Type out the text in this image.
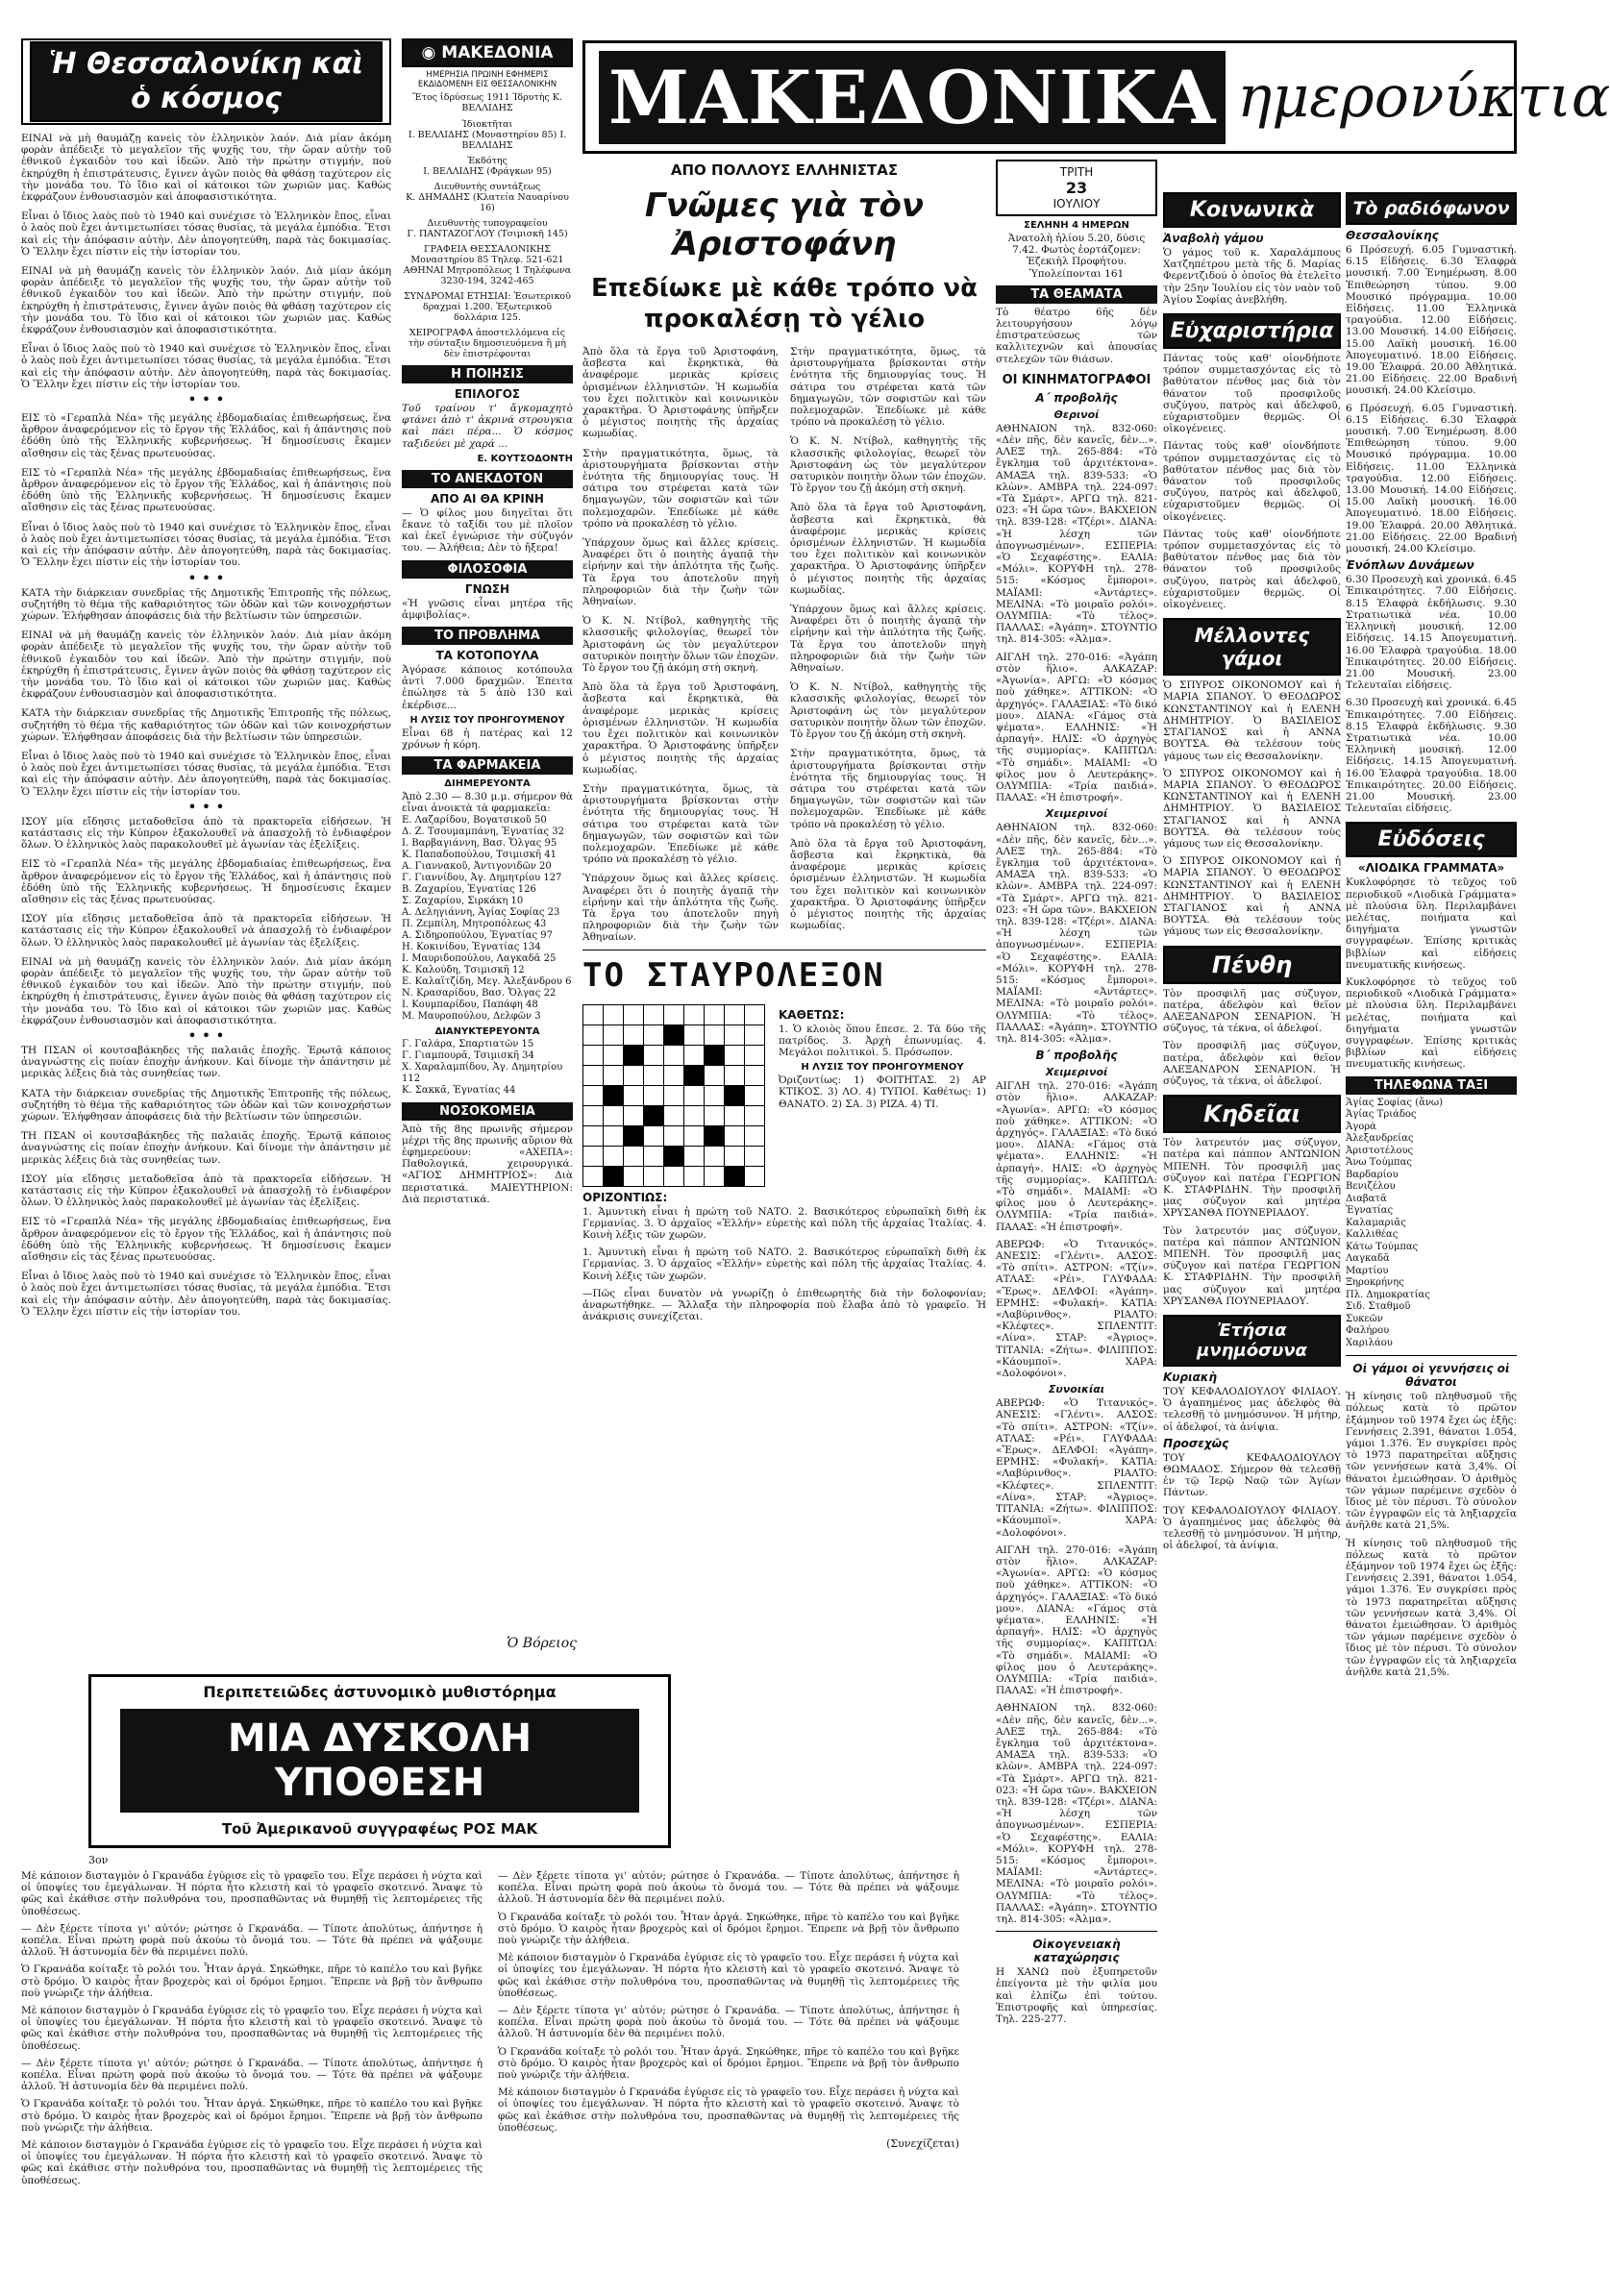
Ἡ Θεσσαλονίκη καὶ ὁ κόσμος

ΕΙΝΑΙ νὰ μὴ θαυμάζῃ κανεὶς τὸν ἑλληνικὸν λαόν. Διὰ μίαν ἀκόμη φορὰν ἀπέδειξε τὸ μεγαλεῖον τῆς ψυχῆς του, τὴν ὥραν αὐτὴν τοῦ ἐθνικοῦ ἐγκαιδὸν του καὶ ἰδεῶν. Ἀπὸ τὴν πρώτην στιγμήν, ποὺ ἐκηρύχθη ἡ ἐπιστράτευσις, ἔγινεν ἀγῶν ποιὸς θὰ φθάσῃ ταχύτερον εἰς τὴν μονάδα του. Τὸ ἴδιο καὶ οἱ κάτοικοι τῶν χωριῶν μας. Καθὼς ἐκφράζουν ἐνθουσιασμὸν καὶ ἀποφασιστικότητα.

Εἶναι ὁ ἴδιος λαὸς ποὺ τὸ 1940 καὶ συνέχισε τὸ Ἐλληνικὸν ἔπος, εἶναι ὁ λαὸς ποὺ ἔχει ἀντιμετωπίσει τόσας θυσίας, τὰ μεγάλα ἐμπόδια. Ἔτσι καὶ εἰς τὴν ἀπόφασιν αὐτὴν. Δὲν ἀπογοητεύθη, παρὰ τὰς δοκιμασίας. Ὁ Ἕλλην ἔχει πίστιν εἰς τὴν ἱστορίαν του.

ΕΙΝΑΙ νὰ μὴ θαυμάζῃ κανεὶς τὸν ἑλληνικὸν λαόν. Διὰ μίαν ἀκόμη φορὰν ἀπέδειξε τὸ μεγαλεῖον τῆς ψυχῆς του, τὴν ὥραν αὐτὴν τοῦ ἐθνικοῦ ἐγκαιδὸν του καὶ ἰδεῶν. Ἀπὸ τὴν πρώτην στιγμήν, ποὺ ἐκηρύχθη ἡ ἐπιστράτευσις, ἔγινεν ἀγῶν ποιὸς θὰ φθάσῃ ταχύτερον εἰς τὴν μονάδα του. Τὸ ἴδιο καὶ οἱ κάτοικοι τῶν χωριῶν μας. Καθὼς ἐκφράζουν ἐνθουσιασμὸν καὶ ἀποφασιστικότητα.

Εἶναι ὁ ἴδιος λαὸς ποὺ τὸ 1940 καὶ συνέχισε τὸ Ἐλληνικὸν ἔπος, εἶναι ὁ λαὸς ποὺ ἔχει ἀντιμετωπίσει τόσας θυσίας, τὰ μεγάλα ἐμπόδια. Ἔτσι καὶ εἰς τὴν ἀπόφασιν αὐτὴν. Δὲν ἀπογοητεύθη, παρὰ τὰς δοκιμασίας. Ὁ Ἕλλην ἔχει πίστιν εἰς τὴν ἱστορίαν του.

• • •

ΕΙΣ τὸ «Γεραπλὰ Νέα» τῆς μεγάλης ἐβδομαδιαίας ἐπιθεωρήσεως, ἕνα ἄρθρον ἀναφερόμενον εἰς τὸ ἔργον τῆς Ἑλλάδος, καὶ ἡ ἀπάντησις ποὺ ἐδόθη ὑπὸ τῆς Ἑλληνικῆς κυβερνήσεως. Ἡ δημοσίευσις ἔκαμεν αἴσθησιν εἰς τὰς ξένας πρωτευούσας.

ΕΙΣ τὸ «Γεραπλὰ Νέα» τῆς μεγάλης ἐβδομαδιαίας ἐπιθεωρήσεως, ἕνα ἄρθρον ἀναφερόμενον εἰς τὸ ἔργον τῆς Ἑλλάδος, καὶ ἡ ἀπάντησις ποὺ ἐδόθη ὑπὸ τῆς Ἑλληνικῆς κυβερνήσεως. Ἡ δημοσίευσις ἔκαμεν αἴσθησιν εἰς τὰς ξένας πρωτευούσας.

Εἶναι ὁ ἴδιος λαὸς ποὺ τὸ 1940 καὶ συνέχισε τὸ Ἐλληνικὸν ἔπος, εἶναι ὁ λαὸς ποὺ ἔχει ἀντιμετωπίσει τόσας θυσίας, τὰ μεγάλα ἐμπόδια. Ἔτσι καὶ εἰς τὴν ἀπόφασιν αὐτὴν. Δὲν ἀπογοητεύθη, παρὰ τὰς δοκιμασίας. Ὁ Ἕλλην ἔχει πίστιν εἰς τὴν ἱστορίαν του.

• • •

ΚΑΤΑ τὴν διάρκειαν συνεδρίας τῆς Δημοτικῆς Ἐπιτροπῆς τῆς πόλεως, συζητήθη τὸ θέμα τῆς καθαριότητος τῶν ὁδῶν καὶ τῶν κοινοχρήστων χώρων. Ἐλήφθησαν ἀποφάσεις διὰ τὴν βελτίωσιν τῶν ὑπηρεσιῶν.

ΕΙΝΑΙ νὰ μὴ θαυμάζῃ κανεὶς τὸν ἑλληνικὸν λαόν. Διὰ μίαν ἀκόμη φορὰν ἀπέδειξε τὸ μεγαλεῖον τῆς ψυχῆς του, τὴν ὥραν αὐτὴν τοῦ ἐθνικοῦ ἐγκαιδὸν του καὶ ἰδεῶν. Ἀπὸ τὴν πρώτην στιγμήν, ποὺ ἐκηρύχθη ἡ ἐπιστράτευσις, ἔγινεν ἀγῶν ποιὸς θὰ φθάσῃ ταχύτερον εἰς τὴν μονάδα του. Τὸ ἴδιο καὶ οἱ κάτοικοι τῶν χωριῶν μας. Καθὼς ἐκφράζουν ἐνθουσιασμὸν καὶ ἀποφασιστικότητα.

ΚΑΤΑ τὴν διάρκειαν συνεδρίας τῆς Δημοτικῆς Ἐπιτροπῆς τῆς πόλεως, συζητήθη τὸ θέμα τῆς καθαριότητος τῶν ὁδῶν καὶ τῶν κοινοχρήστων χώρων. Ἐλήφθησαν ἀποφάσεις διὰ τὴν βελτίωσιν τῶν ὑπηρεσιῶν.

Εἶναι ὁ ἴδιος λαὸς ποὺ τὸ 1940 καὶ συνέχισε τὸ Ἐλληνικὸν ἔπος, εἶναι ὁ λαὸς ποὺ ἔχει ἀντιμετωπίσει τόσας θυσίας, τὰ μεγάλα ἐμπόδια. Ἔτσι καὶ εἰς τὴν ἀπόφασιν αὐτὴν. Δὲν ἀπογοητεύθη, παρὰ τὰς δοκιμασίας. Ὁ Ἕλλην ἔχει πίστιν εἰς τὴν ἱστορίαν του.

• • •

ΙΣΟΥ μία εἴδησις μεταδοθεῖσα ἀπὸ τὰ πρακτορεῖα εἰδήσεων. Ἡ κατάστασις εἰς τὴν Κύπρον ἐξακολουθεῖ νὰ ἀπασχολῇ τὸ ἐνδιαφέρον ὅλων. Ὁ ἑλληνικὸς λαὸς παρακολουθεῖ μὲ ἀγωνίαν τὰς ἐξελίξεις.

ΕΙΣ τὸ «Γεραπλὰ Νέα» τῆς μεγάλης ἐβδομαδιαίας ἐπιθεωρήσεως, ἕνα ἄρθρον ἀναφερόμενον εἰς τὸ ἔργον τῆς Ἑλλάδος, καὶ ἡ ἀπάντησις ποὺ ἐδόθη ὑπὸ τῆς Ἑλληνικῆς κυβερνήσεως. Ἡ δημοσίευσις ἔκαμεν αἴσθησιν εἰς τὰς ξένας πρωτευούσας.

ΙΣΟΥ μία εἴδησις μεταδοθεῖσα ἀπὸ τὰ πρακτορεῖα εἰδήσεων. Ἡ κατάστασις εἰς τὴν Κύπρον ἐξακολουθεῖ νὰ ἀπασχολῇ τὸ ἐνδιαφέρον ὅλων. Ὁ ἑλληνικὸς λαὸς παρακολουθεῖ μὲ ἀγωνίαν τὰς ἐξελίξεις.

ΕΙΝΑΙ νὰ μὴ θαυμάζῃ κανεὶς τὸν ἑλληνικὸν λαόν. Διὰ μίαν ἀκόμη φορὰν ἀπέδειξε τὸ μεγαλεῖον τῆς ψυχῆς του, τὴν ὥραν αὐτὴν τοῦ ἐθνικοῦ ἐγκαιδὸν του καὶ ἰδεῶν. Ἀπὸ τὴν πρώτην στιγμήν, ποὺ ἐκηρύχθη ἡ ἐπιστράτευσις, ἔγινεν ἀγῶν ποιὸς θὰ φθάσῃ ταχύτερον εἰς τὴν μονάδα του. Τὸ ἴδιο καὶ οἱ κάτοικοι τῶν χωριῶν μας. Καθὼς ἐκφράζουν ἐνθουσιασμὸν καὶ ἀποφασιστικότητα.

• • •

ΤΗ ΠΣΑΝ οἱ κουτσαβάκηδες τῆς παλαιᾶς ἐποχῆς. Ἐρωτᾷ κάποιος ἀναγνώστης εἰς ποίαν ἐποχὴν ἀνήκουν. Καὶ δίνομε τὴν ἀπάντησιν μὲ μερικὰς λέξεις διὰ τὰς συνηθείας των.

ΚΑΤΑ τὴν διάρκειαν συνεδρίας τῆς Δημοτικῆς Ἐπιτροπῆς τῆς πόλεως, συζητήθη τὸ θέμα τῆς καθαριότητος τῶν ὁδῶν καὶ τῶν κοινοχρήστων χώρων. Ἐλήφθησαν ἀποφάσεις διὰ τὴν βελτίωσιν τῶν ὑπηρεσιῶν.

ΤΗ ΠΣΑΝ οἱ κουτσαβάκηδες τῆς παλαιᾶς ἐποχῆς. Ἐρωτᾷ κάποιος ἀναγνώστης εἰς ποίαν ἐποχὴν ἀνήκουν. Καὶ δίνομε τὴν ἀπάντησιν μὲ μερικὰς λέξεις διὰ τὰς συνηθείας των.

ΙΣΟΥ μία εἴδησις μεταδοθεῖσα ἀπὸ τὰ πρακτορεῖα εἰδήσεων. Ἡ κατάστασις εἰς τὴν Κύπρον ἐξακολουθεῖ νὰ ἀπασχολῇ τὸ ἐνδιαφέρον ὅλων. Ὁ ἑλληνικὸς λαὸς παρακολουθεῖ μὲ ἀγωνίαν τὰς ἐξελίξεις.

ΕΙΣ τὸ «Γεραπλὰ Νέα» τῆς μεγάλης ἐβδομαδιαίας ἐπιθεωρήσεως, ἕνα ἄρθρον ἀναφερόμενον εἰς τὸ ἔργον τῆς Ἑλλάδος, καὶ ἡ ἀπάντησις ποὺ ἐδόθη ὑπὸ τῆς Ἑλληνικῆς κυβερνήσεως. Ἡ δημοσίευσις ἔκαμεν αἴσθησιν εἰς τὰς ξένας πρωτευούσας.

Εἶναι ὁ ἴδιος λαὸς ποὺ τὸ 1940 καὶ συνέχισε τὸ Ἐλληνικὸν ἔπος, εἶναι ὁ λαὸς ποὺ ἔχει ἀντιμετωπίσει τόσας θυσίας, τὰ μεγάλα ἐμπόδια. Ἔτσι καὶ εἰς τὴν ἀπόφασιν αὐτὴν. Δὲν ἀπογοητεύθη, παρὰ τὰς δοκιμασίας. Ὁ Ἕλλην ἔχει πίστιν εἰς τὴν ἱστορίαν του.

Ὁ Βόρειος
◉ ΜΑΚΕΔΟΝΙΑ
ΗΜΕΡΗΣΙΑ ΠΡΩΙΝΗ ΕΦΗΜΕΡΙΣ ΕΚΔΙΔΟΜΕΝΗ ΕΙΣ ΘΕΣΣΑΛΟΝΙΚΗΝ
Ἔτος ἱδρύσεως 1911 Ἱδρυτὴς Κ. ΒΕΛΛΙΔΗΣ
Ἰδιοκτῆται
Ι. ΒΕΛΛΙΔΗΣ (Μοναστηρίου 85) Ι. ΒΕΛΛΙΔΗΣ
Ἐκδότης
Ι. ΒΕΛΛΙΔΗΣ (Φράγκων 95)
Διευθυντὴς συντάξεως
Κ. ΔΗΜΑΔΗΣ (Κλατεία Ναυαρίνου 16)
Διευθυντὴς τυπογραφείου
Γ. ΠΑΝΤΑΖΟΓΛΟΥ (Τσιμισκῆ 145)
ΓΡΑΦΕΙΑ ΘΕΣΣΑΛΟΝΙΚΗΣ Μοναστηρίου 85 Τηλεφ. 521-621 ΑΘΗΝΑΙ Μητροπόλεως 1 Τηλέφωνα 3230-194, 3242-465
ΣΥΝΔΡΟΜΑΙ ΕΤΗΣΙΑΙ: Ἐσωτερικοῦ δραχμαὶ 1.200. Ἐξωτερικοῦ δολλάρια 125.
ΧΕΙΡΟΓΡΑΦΑ ἀποστελλόμενα εἰς τὴν σύνταξιν δημοσιευόμενα ἢ μὴ δὲν ἐπιστρέφονται
Η ΠΟΙΗΣΙΣ
ΕΠΙΛΟΓΟΣ

Τοῦ τραίνου τ' ἄγκομαχητὸ φτάνει ἀπὸ τ' ἀκρινά στρουγκια καὶ πάει πέρα... Ὁ κόσμος ταξιδεύει μὲ χαρά ...

Ε. ΚΟΥΤΣΟΔΟΝΤΗ
ΤΟ ΑΝΕΚΔΟΤΟΝ
ΑΠΟ ΑΙ ΘΑ ΚΡΙΝΗ

— Ὁ φίλος μου διηγεῖται ὅτι ἔκανε τὸ ταξίδι του μὲ πλοῖον καὶ ἐκεῖ ἐγνώρισε τὴν σύζυγόν του. — Ἀλήθεια; Δὲν τὸ ἤξερα!

ΦΙΛΟΣΟΦΙΑ
ΓΝΩΣΗ

«Ἡ γνῶσις εἶναι μητέρα τῆς ἀμφιβολίας».

ΤΟ ΠΡΟΒΛΗΜΑ
ΤΑ ΚΟΤΟΠΟΥΛΑ

Ἀγόρασε κάποιος κοτόπουλα ἀντὶ 7.000 δραχμῶν. Ἐπειτα ἐπώλησε τὰ 5 ἀπὸ 130 καὶ ἐκέρδισε...

Η ΛΥΣΙΣ ΤΟΥ ΠΡΟΗΓΟΥΜΕΝΟΥ

Εἶναι 68 ἡ πατέρας καὶ 12 χρόνων ἡ κόρη.

ΤΑ ΦΑΡΜΑΚΕΙΑ
ΔΙΗΜΕΡΕΥΟΝΤΑ

Ἀπὸ 2.30 — 8.30 μ.μ. σήμερον θὰ εἶναι ἀνοικτὰ τὰ φαρμακεῖα:

Ε. Λαζαρίδου, Βογατσικοῦ 50
Δ. Ζ. Τσουμαμπάνη, Ἐγνατίας 32
Ι. Βαρβαγιάννη, Βασ. Ὄλγας 95
Κ. Παπαδοπούλου, Τσιμισκῆ 41
Α. Γιαννακοῦ, Ἀντιγονιδῶν 20
Γ. Γιαννίδου, Ἀγ. Δημητρίου 127
Β. Ζαχαρίου, Ἐγνατίας 126
Σ. Ζαχαρίου, Σιρκάκη 10
Α. Δεληγιάννη, Ἀγίας Σοφίας 23
Π. Ζεμπίλη, Μητροπόλεως 43
Α. Σιδηροπούλου, Ἐγνατίας 97
Η. Κοκινίδου, Ἐγνατίας 134
Ι. Μαυριδοπούλου, Λαγκαδᾶ 25
Κ. Καλούδη, Τσιμισκῆ 12
Ε. Καλαϊτζίδη, Μεγ. Ἀλεξάνδρου 6
Ν. Κρασαρίδου, Βασ. Ὄλγας 22
Ι. Κουμπαρίδου, Παπάφη 48
Μ. Μαυροπούλου, Δελφῶν 3
ΔΙΑΝΥΚΤΕΡΕΥΟΝΤΑ
Γ. Γαλάρα, Σπαρτιατῶν 15
Γ. Γιαμπουρᾶ, Τσιμισκῆ 34
Χ. Χαραλαμπίδου, Ἀγ. Δημητρίου 112
Κ. Σακκᾶ, Ἐγνατίας 44
ΝΟΣΟΚΟΜΕΙΑ

Ἀπὸ τῆς 8ης πρωινῆς σήμερον μέχρι τῆς 8ης πρωινῆς αὔριον θὰ ἐφημερεύουν: «ΑΧΕΠΑ»: Παθολογικά, χειρουργικά. «ΑΓΙΟΣ ΔΗΜΗΤΡΙΟΣ»: Διὰ περιστατικά. ΜΑΙΕΥΤΗΡΙΟΝ: Διὰ περιστατικά.

ΜΑΚΕΔΟΝΙΚΑ ημερονύκτια
ΑΠΟ ΠΟΛΛΟΥΣ ΕΛΛΗΝΙΣΤΑΣ
Γνῶμες γιὰ τὸν Ἀριστοφάνη
Επεδίωκε μὲ κάθε τρόπο νὰ προκαλέσῃ τὸ γέλιο

Ἀπὸ ὅλα τὰ ἔργα τοῦ Ἀριστοφάνη, ἄσβεστα καὶ ἔκρηκτικὰ, θὰ ἀναφέρομε μερικὰς κρίσεις ὀρισμένων ἑλληνιστῶν. Ἡ κωμωδία του ἔχει πολιτικὸν καὶ κοινωνικὸν χαρακτῆρα. Ὁ Ἀριστοφάνης ὑπῆρξεν ὁ μέγιστος ποιητὴς τῆς ἀρχαίας κωμωδίας.

Στὴν πραγματικότητα, ὅμως, τὰ ἀριστουργήματα βρίσκονται στὴν ἑνότητα τῆς δημιουργίας τους. Ἡ σάτιρα του στρέφεται κατὰ τῶν δημαγωγῶν, τῶν σοφιστῶν καὶ τῶν πολεμοχαρῶν. Ἐπεδίωκε μὲ κάθε τρόπο νὰ προκαλέσῃ τὸ γέλιο.

Ὑπάρχουν ὅμως καὶ ἄλλες κρίσεις. Ἀναφέρει ὅτι ὁ ποιητὴς ἀγαπᾷ τὴν εἰρήνην καὶ τὴν ἁπλότητα τῆς ζωῆς. Τὰ ἔργα του ἀποτελοῦν πηγὴ πληροφοριῶν διὰ τὴν ζωὴν τῶν Ἀθηναίων.

Ὁ Κ. Ν. Ντίβολ, καθηγητὴς τῆς κλασσικῆς φιλολογίας, θεωρεῖ τὸν Ἀριστοφάνη ὡς τὸν μεγαλύτερον σατυρικὸν ποιητὴν ὅλων τῶν ἐποχῶν. Τὸ ἔργον του ζῇ ἀκόμη στὴ σκηνὴ.

Ἀπὸ ὅλα τὰ ἔργα τοῦ Ἀριστοφάνη, ἄσβεστα καὶ ἔκρηκτικὰ, θὰ ἀναφέρομε μερικὰς κρίσεις ὀρισμένων ἑλληνιστῶν. Ἡ κωμωδία του ἔχει πολιτικὸν καὶ κοινωνικὸν χαρακτῆρα. Ὁ Ἀριστοφάνης ὑπῆρξεν ὁ μέγιστος ποιητὴς τῆς ἀρχαίας κωμωδίας.

Στὴν πραγματικότητα, ὅμως, τὰ ἀριστουργήματα βρίσκονται στὴν ἑνότητα τῆς δημιουργίας τους. Ἡ σάτιρα του στρέφεται κατὰ τῶν δημαγωγῶν, τῶν σοφιστῶν καὶ τῶν πολεμοχαρῶν. Ἐπεδίωκε μὲ κάθε τρόπο νὰ προκαλέσῃ τὸ γέλιο.

Ὑπάρχουν ὅμως καὶ ἄλλες κρίσεις. Ἀναφέρει ὅτι ὁ ποιητὴς ἀγαπᾷ τὴν εἰρήνην καὶ τὴν ἁπλότητα τῆς ζωῆς. Τὰ ἔργα του ἀποτελοῦν πηγὴ πληροφοριῶν διὰ τὴν ζωὴν τῶν Ἀθηναίων.

Στὴν πραγματικότητα, ὅμως, τὰ ἀριστουργήματα βρίσκονται στὴν ἑνότητα τῆς δημιουργίας τους. Ἡ σάτιρα του στρέφεται κατὰ τῶν δημαγωγῶν, τῶν σοφιστῶν καὶ τῶν πολεμοχαρῶν. Ἐπεδίωκε μὲ κάθε τρόπο νὰ προκαλέσῃ τὸ γέλιο.

Ὁ Κ. Ν. Ντίβολ, καθηγητὴς τῆς κλασσικῆς φιλολογίας, θεωρεῖ τὸν Ἀριστοφάνη ὡς τὸν μεγαλύτερον σατυρικὸν ποιητὴν ὅλων τῶν ἐποχῶν. Τὸ ἔργον του ζῇ ἀκόμη στὴ σκηνὴ.

Ἀπὸ ὅλα τὰ ἔργα τοῦ Ἀριστοφάνη, ἄσβεστα καὶ ἔκρηκτικὰ, θὰ ἀναφέρομε μερικὰς κρίσεις ὀρισμένων ἑλληνιστῶν. Ἡ κωμωδία του ἔχει πολιτικὸν καὶ κοινωνικὸν χαρακτῆρα. Ὁ Ἀριστοφάνης ὑπῆρξεν ὁ μέγιστος ποιητὴς τῆς ἀρχαίας κωμωδίας.

Ὑπάρχουν ὅμως καὶ ἄλλες κρίσεις. Ἀναφέρει ὅτι ὁ ποιητὴς ἀγαπᾷ τὴν εἰρήνην καὶ τὴν ἁπλότητα τῆς ζωῆς. Τὰ ἔργα του ἀποτελοῦν πηγὴ πληροφοριῶν διὰ τὴν ζωὴν τῶν Ἀθηναίων.

Ὁ Κ. Ν. Ντίβολ, καθηγητὴς τῆς κλασσικῆς φιλολογίας, θεωρεῖ τὸν Ἀριστοφάνη ὡς τὸν μεγαλύτερον σατυρικὸν ποιητὴν ὅλων τῶν ἐποχῶν. Τὸ ἔργον του ζῇ ἀκόμη στὴ σκηνὴ.

Στὴν πραγματικότητα, ὅμως, τὰ ἀριστουργήματα βρίσκονται στὴν ἑνότητα τῆς δημιουργίας τους. Ἡ σάτιρα του στρέφεται κατὰ τῶν δημαγωγῶν, τῶν σοφιστῶν καὶ τῶν πολεμοχαρῶν. Ἐπεδίωκε μὲ κάθε τρόπο νὰ προκαλέσῃ τὸ γέλιο.

Ἀπὸ ὅλα τὰ ἔργα τοῦ Ἀριστοφάνη, ἄσβεστα καὶ ἔκρηκτικὰ, θὰ ἀναφέρομε μερικὰς κρίσεις ὀρισμένων ἑλληνιστῶν. Ἡ κωμωδία του ἔχει πολιτικὸν καὶ κοινωνικὸν χαρακτῆρα. Ὁ Ἀριστοφάνης ὑπῆρξεν ὁ μέγιστος ποιητὴς τῆς ἀρχαίας κωμωδίας.

ΤΟ ΣΤΑΥΡΟΛΕΞΟΝ

ΚΑΘΕΤΩΣ:

1. Ὁ κλοιὸς ὅπου ἔπεσε. 2. Τὰ δύο τῆς πατρίδος. 3. Ἀρχὴ ἐπωνυμίας. 4. Μεγάλοι πολιτικοὶ. 5. Πρόσωπον.

Η ΛΥΣΙΣ ΤΟΥ ΠΡΟΗΓΟΥΜΕΝΟΥ

Ὀριζοντίως: 1) ΦΟΙΤΗΤΑΣ. 2) ΑΡ ΚΤΙΚΟΣ. 3) ΛΟ. 4) ΤΥΠΟΙ. Καθέτως: 1) ΘΑΝΑΤΟ. 2) ΣΑ. 3) ΡΙΖΑ. 4) ΤΙ.

ΟΡΙΖΟΝΤΙΩΣ:

1. Ἀμυντικὴ εἶναι ἡ πρώτη τοῦ ΝΑΤΟ. 2. Βασικότερος εὐρωπαϊκὴ διθὴ ἐκ Γερμανίας. 3. Ὁ ἀρχαῖος «Ἐλλήν» εὑρετὴς καὶ πόλη τῆς ἀρχαίας Ἰταλίας. 4. Κοινὴ λέξις τῶν χωρῶν.

1. Ἀμυντικὴ εἶναι ἡ πρώτη τοῦ ΝΑΤΟ. 2. Βασικότερος εὐρωπαϊκὴ διθὴ ἐκ Γερμανίας. 3. Ὁ ἀρχαῖος «Ἐλλήν» εὑρετὴς καὶ πόλη τῆς ἀρχαίας Ἰταλίας. 4. Κοινὴ λέξις τῶν χωρῶν.

—Πῶς εἶναι δυνατὸν νὰ γνωρίζῃ ὁ ἐπιθεωρητὴς διὰ τὴν δολοφονίαν; ἀναρωτήθηκε. — Ἄλλαξα τὴν πληροφορία ποὺ ἔλαβα ἀπὸ τὸ γραφεῖο. Ἡ ἀνάκρισις συνεχίζεται.

ΤΡΙΤΗ
23
ΙΟΥΛΙΟΥ
ΣΕΛΗΝΗ 4 ΗΜΕΡΩΝ

Ἀνατολὴ ἡλίου 5.20, δύσις 7.42. Φωτὸς ἑορτάζομεν: Ἐζεκιὴλ Προφήτου. Ὑπολείπονται 161

ΤΑ ΘΕΑΜΑΤΑ

Τὸ θέατρο 6ῆς δὲν λειτουργήσουν λόγῳ ἐπιστρατεύσεως τῶν καλλιτεχνῶν καὶ ἀπουσίας στελεχῶν τῶν θιάσων.

ΟΙ ΚΙΝΗΜΑΤΟΓΡΑΦΟΙ
Α΄ προβολῆς
Θερινοί

ΑΘΗΝΑΙΟΝ τηλ. 832-060: «Δὲν πῆς, δὲν κανεῖς, δὲν...». ΑΛΕΞ τηλ. 265-884: «Τὸ ἔγκλημα τοῦ ἀρχιτέκτονα». ΑΜΑΞΑ τηλ. 839-533: «Ὁ κλὼν». ΑΜΒΡΑ τηλ. 224-097: «Τὰ Σμάρτ». ΑΡΓΩ τηλ. 821-023: «Ἡ ὥρα τῶν». ΒΑΚΧΕΙΟΝ τηλ. 839-128: «Τζέρι». ΔΙΑΝΑ: «Ἡ λέσχη τῶν ἀπογνωσμένων». ΕΣΠΕΡΙΑ: «Ὁ Σεχαφέστης». ΕΑΛΙΑ: «Μόλι». ΚΟΡΥΦΗ τηλ. 278-515: «Κόσμος ἔμποροι». ΜΑΪΑΜΙ: «Ἀντάρτες». ΜΕΛΙΝΑ: «Τὸ μοιραῖο ρολόι». ΟΛΥΜΠΙΑ: «Τὸ τέλος». ΠΑΛΛΑΣ: «Ἀγάπη». ΣΤΟΥΝΤΙΟ τηλ. 814-305: «Ἀλμα».

ΑΙΓΛΗ τηλ. 270-016: «Ἀγάπη στὸν ἥλιο». ΑΛΚΑΖΑΡ: «Ἀγωνία». ΑΡΓΩ: «Ὁ κόσμος ποὺ χάθηκε». ΑΤΤΙΚΟΝ: «Ὁ ἀρχηγός». ΓΑΛΑΞΙΑΣ: «Τὸ δικό μου». ΔΙΑΝΑ: «Γάμος στὰ ψέματα». ΕΛΛΗΝΙΣ: «Ἡ ἀρπαγή». ΗΛΙΣ: «Ὁ ἀρχηγὸς τῆς συμμορίας». ΚΑΠΙΤΩΛ: «Τὸ σημάδι». ΜΑΙΑΜΙ: «Ὁ φίλος μου ὁ Λευτεράκης». ΟΛΥΜΠΙΑ: «Τρία παιδιά». ΠΑΛΑΣ: «Ἡ ἐπιστροφή».

Χειμερινοί

ΑΘΗΝΑΙΟΝ τηλ. 832-060: «Δὲν πῆς, δὲν κανεῖς, δὲν...». ΑΛΕΞ τηλ. 265-884: «Τὸ ἔγκλημα τοῦ ἀρχιτέκτονα». ΑΜΑΞΑ τηλ. 839-533: «Ὁ κλὼν». ΑΜΒΡΑ τηλ. 224-097: «Τὰ Σμάρτ». ΑΡΓΩ τηλ. 821-023: «Ἡ ὥρα τῶν». ΒΑΚΧΕΙΟΝ τηλ. 839-128: «Τζέρι». ΔΙΑΝΑ: «Ἡ λέσχη τῶν ἀπογνωσμένων». ΕΣΠΕΡΙΑ: «Ὁ Σεχαφέστης». ΕΑΛΙΑ: «Μόλι». ΚΟΡΥΦΗ τηλ. 278-515: «Κόσμος ἔμποροι». ΜΑΪΑΜΙ: «Ἀντάρτες». ΜΕΛΙΝΑ: «Τὸ μοιραῖο ρολόι». ΟΛΥΜΠΙΑ: «Τὸ τέλος». ΠΑΛΛΑΣ: «Ἀγάπη». ΣΤΟΥΝΤΙΟ τηλ. 814-305: «Ἀλμα».

Β΄ προβολῆς
Χειμερινοί

ΑΙΓΛΗ τηλ. 270-016: «Ἀγάπη στὸν ἥλιο». ΑΛΚΑΖΑΡ: «Ἀγωνία». ΑΡΓΩ: «Ὁ κόσμος ποὺ χάθηκε». ΑΤΤΙΚΟΝ: «Ὁ ἀρχηγός». ΓΑΛΑΞΙΑΣ: «Τὸ δικό μου». ΔΙΑΝΑ: «Γάμος στὰ ψέματα». ΕΛΛΗΝΙΣ: «Ἡ ἀρπαγή». ΗΛΙΣ: «Ὁ ἀρχηγὸς τῆς συμμορίας». ΚΑΠΙΤΩΛ: «Τὸ σημάδι». ΜΑΙΑΜΙ: «Ὁ φίλος μου ὁ Λευτεράκης». ΟΛΥΜΠΙΑ: «Τρία παιδιά». ΠΑΛΑΣ: «Ἡ ἐπιστροφή».

ΑΒΕΡΩΦ: «Ὁ Τιτανικός». ΑΝΕΣΙΣ: «Γλέντι». ΑΛΣΟΣ: «Τὸ σπίτι». ΑΣΤΡΟΝ: «Τζίν». ΑΤΛΑΣ: «Ρέι». ΓΛΥΦΑΔΑ: «Ἔρως». ΔΕΛΦΟΙ: «Ἀγάπη». ΕΡΜΗΣ: «Φυλακή». ΚΑΤΙΑ: «Λαβύρινθος». ΡΙΑΛΤΟ: «Κλέφτες». ΣΠΛΕΝΤΙΤ: «Λίνα». ΣΤΑΡ: «Ἀγριος». ΤΙΤΑΝΙΑ: «Ζήτω». ΦΙΛΙΠΠΟΣ: «Κάουμποϊ». ΧΑΡΑ: «Δολοφόνοι».

Συνοικίαι

ΑΒΕΡΩΦ: «Ὁ Τιτανικός». ΑΝΕΣΙΣ: «Γλέντι». ΑΛΣΟΣ: «Τὸ σπίτι». ΑΣΤΡΟΝ: «Τζίν». ΑΤΛΑΣ: «Ρέι». ΓΛΥΦΑΔΑ: «Ἔρως». ΔΕΛΦΟΙ: «Ἀγάπη». ΕΡΜΗΣ: «Φυλακή». ΚΑΤΙΑ: «Λαβύρινθος». ΡΙΑΛΤΟ: «Κλέφτες». ΣΠΛΕΝΤΙΤ: «Λίνα». ΣΤΑΡ: «Ἀγριος». ΤΙΤΑΝΙΑ: «Ζήτω». ΦΙΛΙΠΠΟΣ: «Κάουμποϊ». ΧΑΡΑ: «Δολοφόνοι».

ΑΙΓΛΗ τηλ. 270-016: «Ἀγάπη στὸν ἥλιο». ΑΛΚΑΖΑΡ: «Ἀγωνία». ΑΡΓΩ: «Ὁ κόσμος ποὺ χάθηκε». ΑΤΤΙΚΟΝ: «Ὁ ἀρχηγός». ΓΑΛΑΞΙΑΣ: «Τὸ δικό μου». ΔΙΑΝΑ: «Γάμος στὰ ψέματα». ΕΛΛΗΝΙΣ: «Ἡ ἀρπαγή». ΗΛΙΣ: «Ὁ ἀρχηγὸς τῆς συμμορίας». ΚΑΠΙΤΩΛ: «Τὸ σημάδι». ΜΑΙΑΜΙ: «Ὁ φίλος μου ὁ Λευτεράκης». ΟΛΥΜΠΙΑ: «Τρία παιδιά». ΠΑΛΑΣ: «Ἡ ἐπιστροφή».

ΑΘΗΝΑΙΟΝ τηλ. 832-060: «Δὲν πῆς, δὲν κανεῖς, δὲν...». ΑΛΕΞ τηλ. 265-884: «Τὸ ἔγκλημα τοῦ ἀρχιτέκτονα». ΑΜΑΞΑ τηλ. 839-533: «Ὁ κλὼν». ΑΜΒΡΑ τηλ. 224-097: «Τὰ Σμάρτ». ΑΡΓΩ τηλ. 821-023: «Ἡ ὥρα τῶν». ΒΑΚΧΕΙΟΝ τηλ. 839-128: «Τζέρι». ΔΙΑΝΑ: «Ἡ λέσχη τῶν ἀπογνωσμένων». ΕΣΠΕΡΙΑ: «Ὁ Σεχαφέστης». ΕΑΛΙΑ: «Μόλι». ΚΟΡΥΦΗ τηλ. 278-515: «Κόσμος ἔμποροι». ΜΑΪΑΜΙ: «Ἀντάρτες». ΜΕΛΙΝΑ: «Τὸ μοιραῖο ρολόι». ΟΛΥΜΠΙΑ: «Τὸ τέλος». ΠΑΛΛΑΣ: «Ἀγάπη». ΣΤΟΥΝΤΙΟ τηλ. 814-305: «Ἀλμα».

Οἰκογενειακὴ καταχώρησις

Η ΧΑΝΩ ποὺ ἐξυπηρετοῦν ἐπείγοντα μὲ τὴν φιλία μου καὶ ἐλπίζω ἐπὶ τούτου. Ἐπιστροφῆς καὶ ὑπηρεσίας. Τηλ. 225-277.

Κοινωνικὰ
Ἀναβολὴ γάμου

Ὁ γάμος τοῦ κ. Χαραλάμπους Χατζηπέτρου μετὰ τῆς δ. Μαρίας Φερεντζιδού ὁ ὁποῖος θὰ ἐτελεῖτο τὴν 25ην Ἰουλίου εἰς τὸν ναὸν τοῦ Ἁγίου Σοφίας ἀνεβλήθη.

Εὐχαριστήρια

Πάντας τοὺς καθ' οἱονδήποτε τρόπον συμμετασχόντας εἰς τὸ βαθύτατον πένθος μας διὰ τὸν θάνατον τοῦ προσφιλοῦς συζύγου, πατρὸς καὶ ἀδελφοῦ, εὐχαριστοῦμεν θερμῶς. Οἱ οἰκογένειες.

Πάντας τοὺς καθ' οἱονδήποτε τρόπον συμμετασχόντας εἰς τὸ βαθύτατον πένθος μας διὰ τὸν θάνατον τοῦ προσφιλοῦς συζύγου, πατρὸς καὶ ἀδελφοῦ, εὐχαριστοῦμεν θερμῶς. Οἱ οἰκογένειες.

Πάντας τοὺς καθ' οἱονδήποτε τρόπον συμμετασχόντας εἰς τὸ βαθύτατον πένθος μας διὰ τὸν θάνατον τοῦ προσφιλοῦς συζύγου, πατρὸς καὶ ἀδελφοῦ, εὐχαριστοῦμεν θερμῶς. Οἱ οἰκογένειες.

Μέλλοντες γάμοι

Ὁ ΣΠΥΡΟΣ ΟΙΚΟΝΟΜΟΥ καὶ ἡ ΜΑΡΙΑ ΣΠΑΝΟΥ. Ὁ ΘΕΟΔΩΡΟΣ ΚΩΝΣΤΑΝΤΙΝΟΥ καὶ ἡ ΕΛΕΝΗ ΔΗΜΗΤΡΙΟΥ. Ὁ ΒΑΣΙΛΕΙΟΣ ΣΤΑΓΙΑΝΟΣ καὶ ἡ ΑΝΝΑ ΒΟΥΤΣΑ. Θὰ τελέσουν τοὺς γάμους των εἰς Θεσσαλονίκην.

Ὁ ΣΠΥΡΟΣ ΟΙΚΟΝΟΜΟΥ καὶ ἡ ΜΑΡΙΑ ΣΠΑΝΟΥ. Ὁ ΘΕΟΔΩΡΟΣ ΚΩΝΣΤΑΝΤΙΝΟΥ καὶ ἡ ΕΛΕΝΗ ΔΗΜΗΤΡΙΟΥ. Ὁ ΒΑΣΙΛΕΙΟΣ ΣΤΑΓΙΑΝΟΣ καὶ ἡ ΑΝΝΑ ΒΟΥΤΣΑ. Θὰ τελέσουν τοὺς γάμους των εἰς Θεσσαλονίκην.

Ὁ ΣΠΥΡΟΣ ΟΙΚΟΝΟΜΟΥ καὶ ἡ ΜΑΡΙΑ ΣΠΑΝΟΥ. Ὁ ΘΕΟΔΩΡΟΣ ΚΩΝΣΤΑΝΤΙΝΟΥ καὶ ἡ ΕΛΕΝΗ ΔΗΜΗΤΡΙΟΥ. Ὁ ΒΑΣΙΛΕΙΟΣ ΣΤΑΓΙΑΝΟΣ καὶ ἡ ΑΝΝΑ ΒΟΥΤΣΑ. Θὰ τελέσουν τοὺς γάμους των εἰς Θεσσαλονίκην.

Πένθη

Τὸν προσφιλῆ μας σύζυγον, πατέρα, ἀδελφὸν καὶ θεῖον ΑΛΕΞΑΝΔΡΟΝ ΣΕΝΑΡΙΟΝ. Ἡ σύζυγος, τὰ τέκνα, οἱ ἀδελφοί.

Τὸν προσφιλῆ μας σύζυγον, πατέρα, ἀδελφὸν καὶ θεῖον ΑΛΕΞΑΝΔΡΟΝ ΣΕΝΑΡΙΟΝ. Ἡ σύζυγος, τὰ τέκνα, οἱ ἀδελφοί.

Κηδεῖαι

Τὸν λατρευτόν μας σύζυγον, πατέρα καὶ πάππον ΑΝΤΩΝΙΟΝ ΜΠΕΝΗ. Τὸν προσφιλῆ μας σύζυγον καὶ πατέρα ΓΕΩΡΓΙΟΝ Κ. ΣΤΑΦΡΙΔΗΝ. Τὴν προσφιλῆ μας σύζυγον καὶ μητέρα ΧΡΥΣΑΝΘΑ ΠΟΥΝΕΡΙΑΔΟΥ.

Τὸν λατρευτόν μας σύζυγον, πατέρα καὶ πάππον ΑΝΤΩΝΙΟΝ ΜΠΕΝΗ. Τὸν προσφιλῆ μας σύζυγον καὶ πατέρα ΓΕΩΡΓΙΟΝ Κ. ΣΤΑΦΡΙΔΗΝ. Τὴν προσφιλῆ μας σύζυγον καὶ μητέρα ΧΡΥΣΑΝΘΑ ΠΟΥΝΕΡΙΑΔΟΥ.

Ἐτήσια μνημόσυνα
Κυριακὴ

ΤΟΥ ΚΕΦΑΛΟΔΙΟΥΛΟΥ ΦΙΛΙΑΟΥ. Ὁ ἀγαπημένος μας ἀδελφὸς θὰ τελεσθῇ τὸ μνημόσυνον. Ἡ μήτηρ, οἱ ἀδελφοί, τὰ ἀνίψια.

Προσεχῶς

ΤΟΥ ΚΕΦΑΛΟΔΙΟΥΛΟΥ ΘΩΜΑΔΟΣ. Σήμερον θὰ τελεσθῇ ἐν τῷ Ἱερῷ Ναῷ τῶν Ἁγίων Πάντων.

ΤΟΥ ΚΕΦΑΛΟΔΙΟΥΛΟΥ ΦΙΛΙΑΟΥ. Ὁ ἀγαπημένος μας ἀδελφὸς θὰ τελεσθῇ τὸ μνημόσυνον. Ἡ μήτηρ, οἱ ἀδελφοί, τὰ ἀνίψια.

Τὸ ραδιόφωνον
Θεσσαλονίκης

6 Πρόσευχή. 6.05 Γυμναστική. 6.15 Εἰδήσεις. 6.30 Ἐλαφρὰ μουσική. 7.00 Ἐνημέρωση. 8.00 Ἐπιθεώρηση τύπου. 9.00 Μουσικό πρόγραμμα. 10.00 Εἰδήσεις. 11.00 Ἑλληνικὰ τραγούδια. 12.00 Εἰδήσεις. 13.00 Μουσική. 14.00 Εἰδήσεις. 15.00 Λαϊκὴ μουσική. 16.00 Ἀπογευματινό. 18.00 Εἰδήσεις. 19.00 Ἐλαφρά. 20.00 Ἀθλητικά. 21.00 Εἰδήσεις. 22.00 Βραδινή μουσική. 24.00 Κλείσιμο.

6 Πρόσευχή. 6.05 Γυμναστική. 6.15 Εἰδήσεις. 6.30 Ἐλαφρὰ μουσική. 7.00 Ἐνημέρωση. 8.00 Ἐπιθεώρηση τύπου. 9.00 Μουσικό πρόγραμμα. 10.00 Εἰδήσεις. 11.00 Ἑλληνικὰ τραγούδια. 12.00 Εἰδήσεις. 13.00 Μουσική. 14.00 Εἰδήσεις. 15.00 Λαϊκὴ μουσική. 16.00 Ἀπογευματινό. 18.00 Εἰδήσεις. 19.00 Ἐλαφρά. 20.00 Ἀθλητικά. 21.00 Εἰδήσεις. 22.00 Βραδινή μουσική. 24.00 Κλείσιμο.

Ἐνόπλων Δυνάμεων

6.30 Προσευχὴ καὶ χρονικά. 6.45 Ἐπικαιρότητες. 7.00 Εἰδήσεις. 8.15 Ἐλαφρὰ ἐκδήλωσις. 9.30 Στρατιωτικὰ νέα. 10.00 Ἑλληνικὴ μουσική. 12.00 Εἰδήσεις. 14.15 Ἀπογευματινή. 16.00 Ἐλαφρὰ τραγούδια. 18.00 Ἐπικαιρότητες. 20.00 Εἰδήσεις. 21.00 Μουσική. 23.00 Τελευταῖαι εἰδήσεις.

6.30 Προσευχὴ καὶ χρονικά. 6.45 Ἐπικαιρότητες. 7.00 Εἰδήσεις. 8.15 Ἐλαφρὰ ἐκδήλωσις. 9.30 Στρατιωτικὰ νέα. 10.00 Ἑλληνικὴ μουσική. 12.00 Εἰδήσεις. 14.15 Ἀπογευματινή. 16.00 Ἐλαφρὰ τραγούδια. 18.00 Ἐπικαιρότητες. 20.00 Εἰδήσεις. 21.00 Μουσική. 23.00 Τελευταῖαι εἰδήσεις.

Εὐδόσεις
«ΛΙΟΔΙΚΑ ΓΡΑΜΜΑΤΑ»

Κυκλοφόρησε τὸ τεῦχος τοῦ περιοδικοῦ «Λιοδικὰ Γράμματα» μὲ πλούσια ὕλη. Περιλαμβάνει μελέτας, ποιήματα καὶ διηγήματα γνωστῶν συγγραφέων. Ἐπίσης κριτικὰς βιβλίων καὶ εἰδήσεις πνευματικῆς κινήσεως.

Κυκλοφόρησε τὸ τεῦχος τοῦ περιοδικοῦ «Λιοδικὰ Γράμματα» μὲ πλούσια ὕλη. Περιλαμβάνει μελέτας, ποιήματα καὶ διηγήματα γνωστῶν συγγραφέων. Ἐπίσης κριτικὰς βιβλίων καὶ εἰδήσεις πνευματικῆς κινήσεως.

ΤΗΛΕΦΩΝΑ ΤΑΞΙ
Ἁγίας Σοφίας (ἄνω)
Ἁγίας Τριάδος
Ἀγορὰ
Ἀλεξανδρείας
Ἀριστοτέλους
Ἄνω Τούμπας
Βαρδαρίου
Βενιζέλου
Διαβατᾶ
Ἐγνατίας
Καλαμαριᾶς
Καλλιθέας
Κάτω Τούμπας
Λαγκαδᾶ
Μαρτίου
Ξηροκρήνης
Πλ. Δημοκρατίας
Σιδ. Σταθμοῦ
Συκεῶν
Φαλήρου
Χαριλάου
Οἱ γάμοι οἱ γεννήσεις οἱ θάνατοι

Ἡ κίνησις τοῦ πληθυσμοῦ τῆς πόλεως κατὰ τὸ πρῶτον ἑξάμηνον τοῦ 1974 ἔχει ὡς ἑξῆς: Γεννήσεις 2.391, θάνατοι 1.054, γάμοι 1.376. Ἐν συγκρίσει πρὸς τὸ 1973 παρατηρεῖται αὔξησις τῶν γεννήσεων κατὰ 3,4%. Οἱ θάνατοι ἐμειώθησαν. Ὁ ἀριθμὸς τῶν γάμων παρέμεινε σχεδὸν ὁ ἴδιος μὲ τὸν πέρυσι. Τὸ σύνολον τῶν ἐγγραφῶν εἰς τὰ ληξιαρχεῖα ἀνῆλθε κατὰ 21,5%.

Ἡ κίνησις τοῦ πληθυσμοῦ τῆς πόλεως κατὰ τὸ πρῶτον ἑξάμηνον τοῦ 1974 ἔχει ὡς ἑξῆς: Γεννήσεις 2.391, θάνατοι 1.054, γάμοι 1.376. Ἐν συγκρίσει πρὸς τὸ 1973 παρατηρεῖται αὔξησις τῶν γεννήσεων κατὰ 3,4%. Οἱ θάνατοι ἐμειώθησαν. Ὁ ἀριθμὸς τῶν γάμων παρέμεινε σχεδὸν ὁ ἴδιος μὲ τὸν πέρυσι. Τὸ σύνολον τῶν ἐγγραφῶν εἰς τὰ ληξιαρχεῖα ἀνῆλθε κατὰ 21,5%.

Περιπετειῶδες ἀστυνομικὸ μυθιστόρημα
ΜΙΑ ΔΥΣΚΟΛΗ ΥΠΟΘΕΣΗ
Τοῦ Ἀμερικανοῦ συγγραφέως ΡΟΣ ΜΑΚ
3ον

Μὲ κάποιον δισταγμὸν ὁ Γκρανάδα ἐγύρισε εἰς τὸ γραφεῖο του. Εἶχε περάσει ἡ νύχτα καὶ οἱ ὑποψίες του ἐμεγάλωναν. Ἡ πόρτα ἦτο κλειστὴ καὶ τὸ γραφεῖο σκοτεινό. Ἄναψε τὸ φῶς καὶ ἐκάθισε στὴν πολυθρόνα του, προσπαθῶντας νὰ θυμηθῇ τὶς λεπτομέρειες τῆς ὑποθέσεως.

— Δὲν ξέρετε τίποτα γι' αὐτόν; ρώτησε ὁ Γκρανάδα. — Τίποτε ἀπολύτως, ἀπήντησε ἡ κοπέλα. Εἶναι πρώτη φορὰ ποὺ ἀκούω τὸ ὄνομά του. — Τότε θὰ πρέπει νὰ ψάξουμε ἀλλοῦ. Ἡ ἀστυνομία δὲν θὰ περιμένει πολύ.

Ὁ Γκρανάδα κοίταξε τὸ ρολόι του. Ἦταν ἀργά. Σηκώθηκε, πῆρε τὸ καπέλο του καὶ βγῆκε στὸ δρόμο. Ὁ καιρὸς ἦταν βροχερὸς καὶ οἱ δρόμοι ἔρημοι. Ἔπρεπε νὰ βρῇ τὸν ἄνθρωπο ποὺ γνώριζε τὴν ἀλήθεια.

Μὲ κάποιον δισταγμὸν ὁ Γκρανάδα ἐγύρισε εἰς τὸ γραφεῖο του. Εἶχε περάσει ἡ νύχτα καὶ οἱ ὑποψίες του ἐμεγάλωναν. Ἡ πόρτα ἦτο κλειστὴ καὶ τὸ γραφεῖο σκοτεινό. Ἄναψε τὸ φῶς καὶ ἐκάθισε στὴν πολυθρόνα του, προσπαθῶντας νὰ θυμηθῇ τὶς λεπτομέρειες τῆς ὑποθέσεως.

— Δὲν ξέρετε τίποτα γι' αὐτόν; ρώτησε ὁ Γκρανάδα. — Τίποτε ἀπολύτως, ἀπήντησε ἡ κοπέλα. Εἶναι πρώτη φορὰ ποὺ ἀκούω τὸ ὄνομά του. — Τότε θὰ πρέπει νὰ ψάξουμε ἀλλοῦ. Ἡ ἀστυνομία δὲν θὰ περιμένει πολύ.

Ὁ Γκρανάδα κοίταξε τὸ ρολόι του. Ἦταν ἀργά. Σηκώθηκε, πῆρε τὸ καπέλο του καὶ βγῆκε στὸ δρόμο. Ὁ καιρὸς ἦταν βροχερὸς καὶ οἱ δρόμοι ἔρημοι. Ἔπρεπε νὰ βρῇ τὸν ἄνθρωπο ποὺ γνώριζε τὴν ἀλήθεια.

Μὲ κάποιον δισταγμὸν ὁ Γκρανάδα ἐγύρισε εἰς τὸ γραφεῖο του. Εἶχε περάσει ἡ νύχτα καὶ οἱ ὑποψίες του ἐμεγάλωναν. Ἡ πόρτα ἦτο κλειστὴ καὶ τὸ γραφεῖο σκοτεινό. Ἄναψε τὸ φῶς καὶ ἐκάθισε στὴν πολυθρόνα του, προσπαθῶντας νὰ θυμηθῇ τὶς λεπτομέρειες τῆς ὑποθέσεως.

— Δὲν ξέρετε τίποτα γι' αὐτόν; ρώτησε ὁ Γκρανάδα. — Τίποτε ἀπολύτως, ἀπήντησε ἡ κοπέλα. Εἶναι πρώτη φορὰ ποὺ ἀκούω τὸ ὄνομά του. — Τότε θὰ πρέπει νὰ ψάξουμε ἀλλοῦ. Ἡ ἀστυνομία δὲν θὰ περιμένει πολύ.

Ὁ Γκρανάδα κοίταξε τὸ ρολόι του. Ἦταν ἀργά. Σηκώθηκε, πῆρε τὸ καπέλο του καὶ βγῆκε στὸ δρόμο. Ὁ καιρὸς ἦταν βροχερὸς καὶ οἱ δρόμοι ἔρημοι. Ἔπρεπε νὰ βρῇ τὸν ἄνθρωπο ποὺ γνώριζε τὴν ἀλήθεια.

Μὲ κάποιον δισταγμὸν ὁ Γκρανάδα ἐγύρισε εἰς τὸ γραφεῖο του. Εἶχε περάσει ἡ νύχτα καὶ οἱ ὑποψίες του ἐμεγάλωναν. Ἡ πόρτα ἦτο κλειστὴ καὶ τὸ γραφεῖο σκοτεινό. Ἄναψε τὸ φῶς καὶ ἐκάθισε στὴν πολυθρόνα του, προσπαθῶντας νὰ θυμηθῇ τὶς λεπτομέρειες τῆς ὑποθέσεως.

— Δὲν ξέρετε τίποτα γι' αὐτόν; ρώτησε ὁ Γκρανάδα. — Τίποτε ἀπολύτως, ἀπήντησε ἡ κοπέλα. Εἶναι πρώτη φορὰ ποὺ ἀκούω τὸ ὄνομά του. — Τότε θὰ πρέπει νὰ ψάξουμε ἀλλοῦ. Ἡ ἀστυνομία δὲν θὰ περιμένει πολύ.

Ὁ Γκρανάδα κοίταξε τὸ ρολόι του. Ἦταν ἀργά. Σηκώθηκε, πῆρε τὸ καπέλο του καὶ βγῆκε στὸ δρόμο. Ὁ καιρὸς ἦταν βροχερὸς καὶ οἱ δρόμοι ἔρημοι. Ἔπρεπε νὰ βρῇ τὸν ἄνθρωπο ποὺ γνώριζε τὴν ἀλήθεια.

Μὲ κάποιον δισταγμὸν ὁ Γκρανάδα ἐγύρισε εἰς τὸ γραφεῖο του. Εἶχε περάσει ἡ νύχτα καὶ οἱ ὑποψίες του ἐμεγάλωναν. Ἡ πόρτα ἦτο κλειστὴ καὶ τὸ γραφεῖο σκοτεινό. Ἄναψε τὸ φῶς καὶ ἐκάθισε στὴν πολυθρόνα του, προσπαθῶντας νὰ θυμηθῇ τὶς λεπτομέρειες τῆς ὑποθέσεως.

(Συνεχίζεται)
